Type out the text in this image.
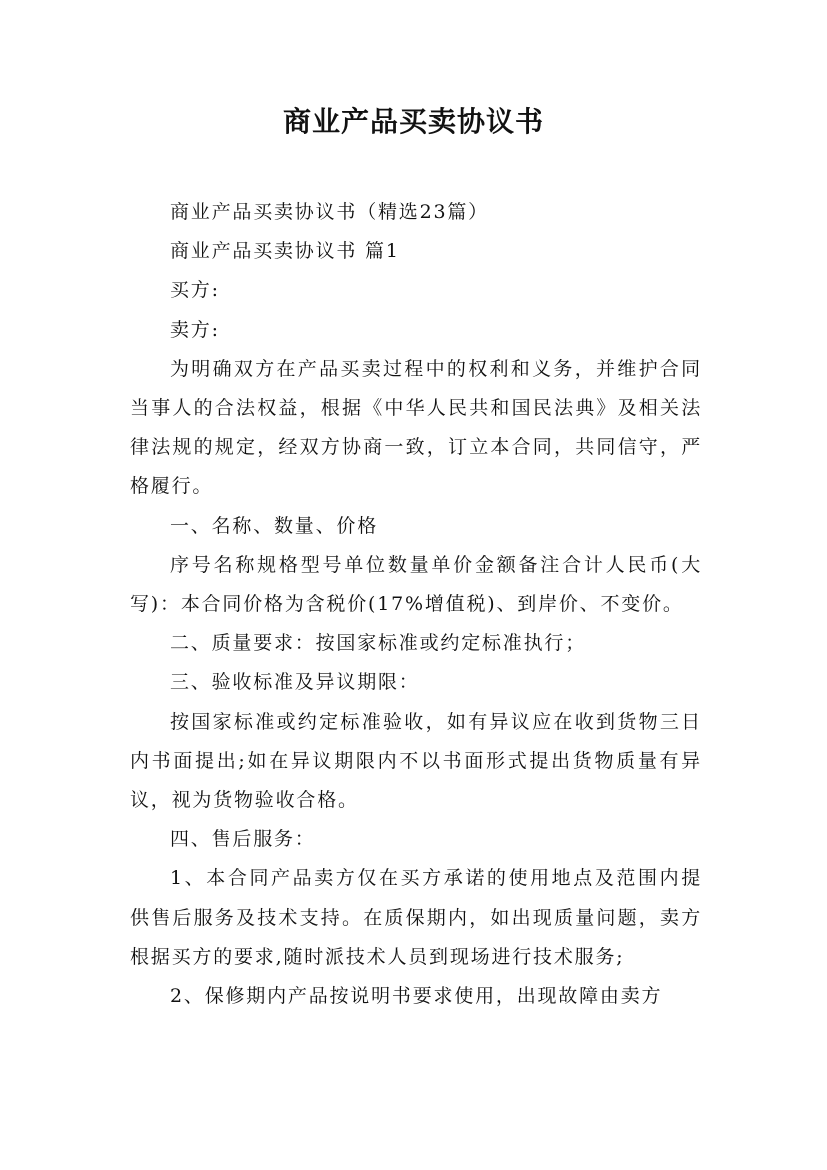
商业产品买卖协议书

商业产品买卖协议书（精选23篇）

商业产品买卖协议书 篇1

买方:

卖方:

为明确双方在产品买卖过程中的权利和义务，并维护合同当事人的合法权益，根据《中华人民共和国民法典》及相关法律法规的规定，经双方协商一致，订立本合同，共同信守，严格履行。

一、名称、数量、价格

序号名称规格型号单位数量单价金额备注合计人民币(大写)：本合同价格为含税价(17%增值税)、到岸价、不变价。

二、质量要求：按国家标准或约定标准执行；

三、验收标准及异议期限：

按国家标准或约定标准验收，如有异议应在收到货物三日内书面提出;如在异议期限内不以书面形式提出货物质量有异议，视为货物验收合格。

四、售后服务：

1、本合同产品卖方仅在买方承诺的使用地点及范围内提供售后服务及技术支持。在质保期内，如出现质量问题，卖方根据买方的要求,随时派技术人员到现场进行技术服务;

2、保修期内产品按说明书要求使用，出现故障由卖方
